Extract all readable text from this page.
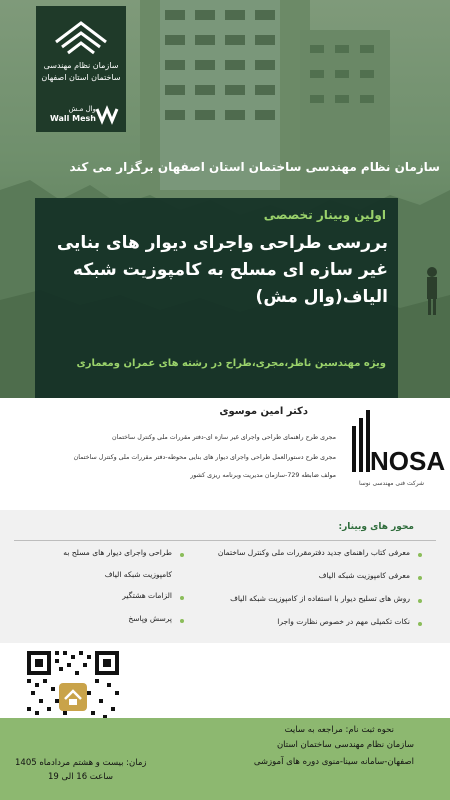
سازمان نظام مهندسی
ساختمان استان اصفهان
وال مـش
Wall Mesh
سازمان نظام مهندسی ساختمان استان اصفهان برگزار می کند
اولین وبینار تخصصی
بررسی طراحی واجرای دیوار های بنایی غیر سازه ای مسلح به کامپوزیت شبکه الیاف(وال مش)
ویژه مهندسین ناظر،مجری،طراح در رشته های عمران ومعماری
NOSA
شرکت فنی مهندسی نوسا
دکتر امین موسوی
مجری طرح راهنمای طراحی واجرای غیر سازه ای-دفتر مقررات ملی وکنترل ساختمان
مجری طرح دستورالعمل طراحی واجرای دیوار های بنایی محوطه-دفتر مقررات ملی وکنترل ساختمان
مولف ضابطه 729-سازمان مدیریت وبرنامه ریزی کشور
محور های وبینار:
معرفی کتاب راهنمای جدید دفترمقررات ملی وکنترل ساختمان
معرفی کامپوزیت شبکه الیاف
روش های تسلیح دیوار با استفاده از کامپوزیت شبکه الیاف
نکات تکمیلی مهم در خصوص نظارت واجرا
طراحی واجرای دیوار های مسلح به
کامپوزیت شبکه الیاف
الزامات هشتگیر
پرسش وپاسخ
نحوه ثبت نام: مراجعه به سایت
سازمان نظام مهندسی ساختمان استان
اصفهان-سامانه سینا-منوی دوره های آموزشی
زمان: بیست و هشتم مردادماه 1405
ساعت 16 الی 19
